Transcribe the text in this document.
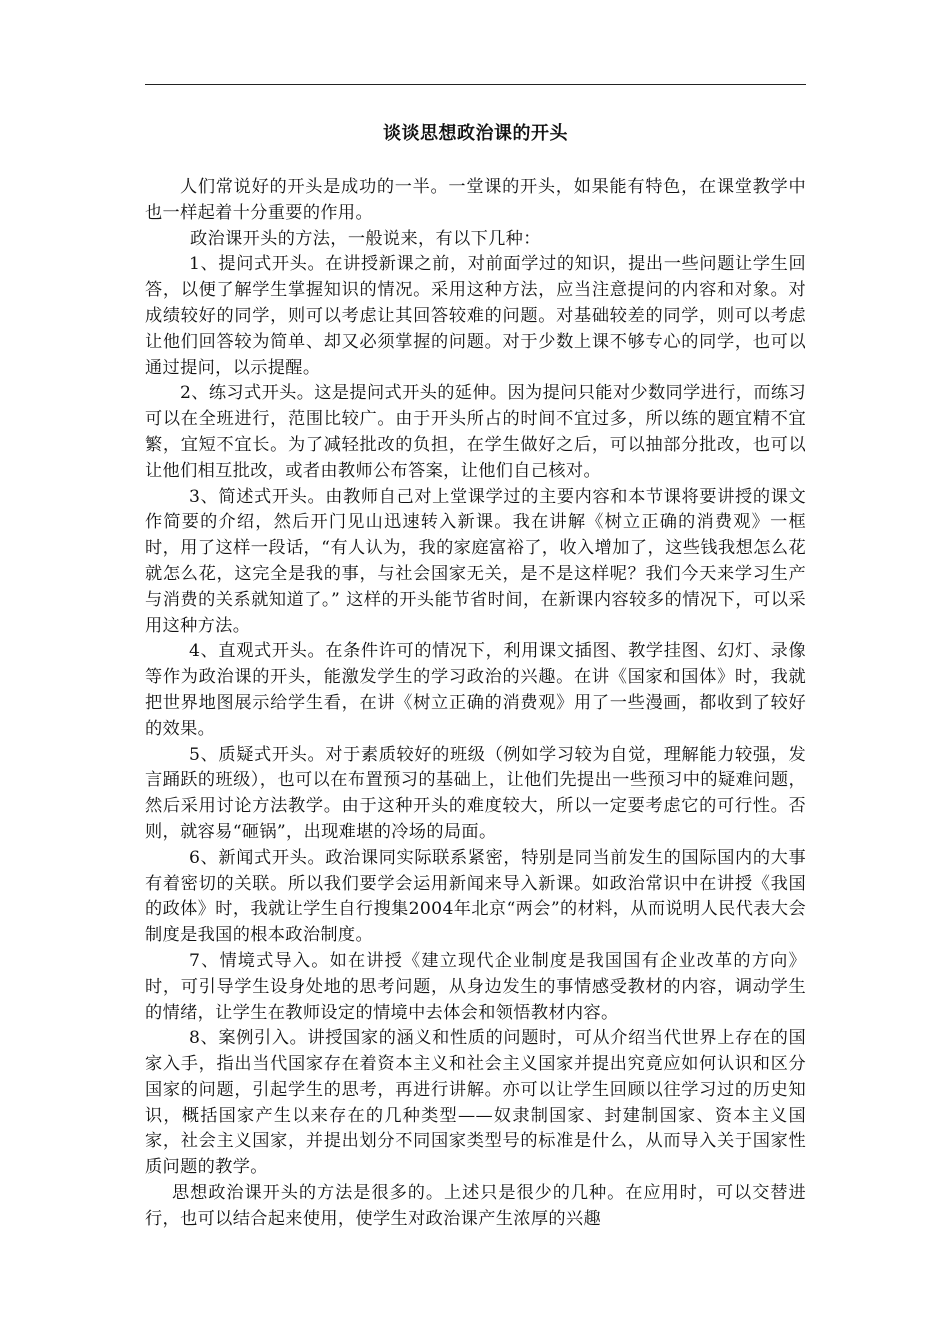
谈谈思想政治课的开头

人们常说好的开头是成功的一半。一堂课的开头，如果能有特色，在课堂教学中也一样起着十分重要的作用。

政治课开头的方法，一般说来，有以下几种：

1、提问式开头。在讲授新课之前，对前面学过的知识，提出一些问题让学生回答，以便了解学生掌握知识的情况。采用这种方法，应当注意提问的内容和对象。对成绩较好的同学，则可以考虑让其回答较难的问题。对基础较差的同学，则可以考虑让他们回答较为简单、却又必须掌握的问题。对于少数上课不够专心的同学，也可以通过提问，以示提醒。

2、练习式开头。这是提问式开头的延伸。因为提问只能对少数同学进行，而练习可以在全班进行，范围比较广。由于开头所占的时间不宜过多，所以练的题宜精不宜繁，宜短不宜长。为了减轻批改的负担，在学生做好之后，可以抽部分批改，也可以让他们相互批改，或者由教师公布答案，让他们自己核对。

3、简述式开头。由教师自己对上堂课学过的主要内容和本节课将要讲授的课文作简要的介绍，然后开门见山迅速转入新课。我在讲解《树立正确的消费观》一框时，用了这样一段话，“有人认为，我的家庭富裕了，收入增加了，这些钱我想怎么花就怎么花，这完全是我的事，与社会国家无关，是不是这样呢？我们今天来学习生产与消费的关系就知道了。” 这样的开头能节省时间，在新课内容较多的情况下，可以采用这种方法。

4、直观式开头。在条件许可的情况下，利用课文插图、教学挂图、幻灯、录像等作为政治课的开头，能激发学生的学习政治的兴趣。在讲《国家和国体》时，我就把世界地图展示给学生看，在讲《树立正确的消费观》用了一些漫画，都收到了较好的效果。

5、质疑式开头。对于素质较好的班级（例如学习较为自觉，理解能力较强，发言踊跃的班级），也可以在布置预习的基础上，让他们先提出一些预习中的疑难问题，然后采用讨论方法教学。由于这种开头的难度较大，所以一定要考虑它的可行性。否则，就容易“砸锅”，出现难堪的冷场的局面。

6、新闻式开头。政治课同实际联系紧密，特别是同当前发生的国际国内的大事有着密切的关联。所以我们要学会运用新闻来导入新课。如政治常识中在讲授《我国的政体》时，我就让学生自行搜集2004年北京“两会”的材料，从而说明人民代表大会制度是我国的根本政治制度。

7、情境式导入。如在讲授《建立现代企业制度是我国国有企业改革的方向》时，可引导学生设身处地的思考问题，从身边发生的事情感受教材的内容，调动学生的情绪，让学生在教师设定的情境中去体会和领悟教材内容。

8、案例引入。讲授国家的涵义和性质的问题时，可从介绍当代世界上存在的国家入手，指出当代国家存在着资本主义和社会主义国家并提出究竟应如何认识和区分国家的问题，引起学生的思考，再进行讲解。亦可以让学生回顾以往学习过的历史知识，概括国家产生以来存在的几种类型——奴隶制国家、封建制国家、资本主义国家，社会主义国家，并提出划分不同国家类型号的标准是什么，从而导入关于国家性质问题的教学。

思想政治课开头的方法是很多的。上述只是很少的几种。在应用时，可以交替进行，也可以结合起来使用，使学生对政治课产生浓厚的兴趣
